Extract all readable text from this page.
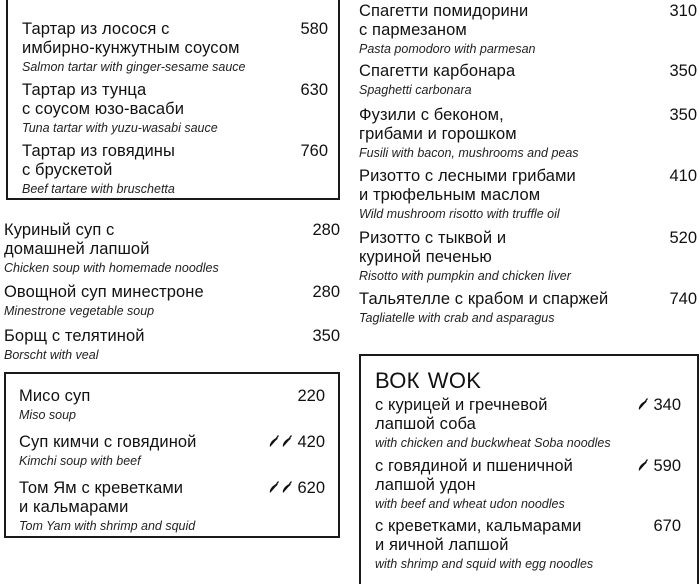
Тартар из лосося с
имбирно-кунжутным соусом
Salmon tartar with ginger-sesame sauce
580
Тартар из тунца
с соусом юзо-васаби
Tuna tartar with yuzu-wasabi sauce
630
Тартар из говядины
с брускетой
Beef tartare with bruschetta
760
Куриный суп с
домашней лапшой
Chicken soup with homemade noodles
280
Овощной суп минестроне
Minestrone vegetable soup
280
Борщ с телятиной
Borscht with veal
350
Мисо суп
Miso soup
220
Суп кимчи с говядиной
Kimchi soup with beef
420
Том Ям с креветками
и кальмарами
Tom Yam with shrimp and squid
620
Спагетти помидорини
с пармезаном
Pasta pomodoro with parmesan
310
Спагетти карбонара
Spaghetti carbonara
350
Фузили с беконом,
грибами и горошком
Fusili with bacon, mushrooms and peas
350
Ризотто с лесными грибами
и трюфельным маслом
Wild mushroom risotto with truffle oil
410
Ризотто с тыквой и
куриной печенью
Risotto with pumpkin and chicken liver
520
Тальятелле с крабом и спаржей
Tagliatelle with crab and asparagus
740
ВОК WOK
с курицей и гречневой
лапшой соба
with chicken and buckwheat Soba noodles
340
с говядиной и пшеничной
лапшой удон
with beef and wheat udon noodles
590
с креветками, кальмарами
и яичной лапшой
with shrimp and squid with egg noodles
670
